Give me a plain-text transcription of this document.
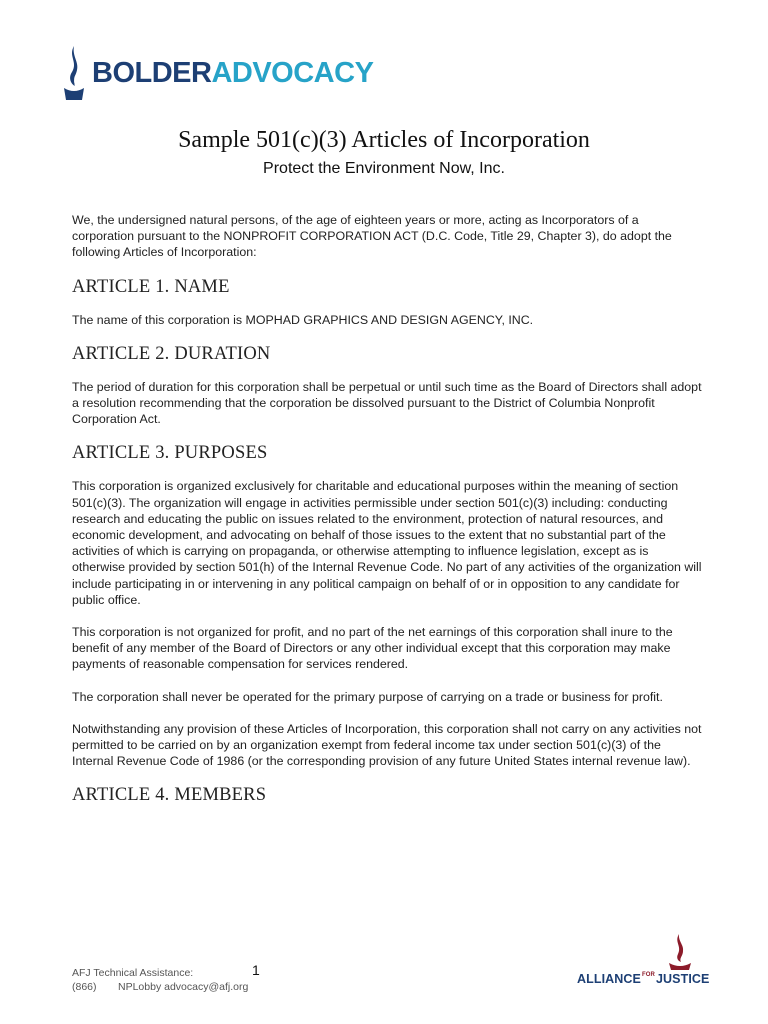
BOLDERADVOCACY
Sample 501(c)(3) Articles of Incorporation
Protect the Environment Now, Inc.

We, the undersigned natural persons, of the age of eighteen years or more, acting as Incorporators of a corporation pursuant to the NONPROFIT CORPORATION ACT (D.C. Code, Title 29, Chapter 3), do adopt the following Articles of Incorporation:

ARTICLE 1. NAME

The name of this corporation is MOPHAD GRAPHICS AND DESIGN AGENCY, INC.

ARTICLE 2. DURATION

The period of duration for this corporation shall be perpetual or until such time as the Board of Directors shall adopt a resolution recommending that the corporation be dissolved pursuant to the District of Columbia Nonprofit Corporation Act.

ARTICLE 3. PURPOSES

This corporation is organized exclusively for charitable and educational purposes within the meaning of section 501(c)(3). The organization will engage in activities permissible under section 501(c)(3) including: conducting research and educating the public on issues related to the environment, protection of natural resources, and economic development, and advocating on behalf of those issues to the extent that no substantial part of the activities of which is carrying on propaganda, or otherwise attempting to influence legislation, except as is otherwise provided by section 501(h) of the Internal Revenue Code. No part of any activities of the organization will include participating in or intervening in any political campaign on behalf of or in opposition to any candidate for public office.

This corporation is not organized for profit, and no part of the net earnings of this corporation shall inure to the benefit of any member of the Board of Directors or any other individual except that this corporation may make payments of reasonable compensation for services rendered.

The corporation shall never be operated for the primary purpose of carrying on a trade or business for profit.

Notwithstanding any provision of these Articles of Incorporation, this corporation shall not carry on any activities not permitted to be carried on by an organization exempt from federal income tax under section 501(c)(3) of the Internal Revenue Code of 1986 (or the corresponding provision of any future United States internal revenue law).

ARTICLE 4. MEMBERS
AFJ Technical Assistance:	1
(866)	NPLobby advocacy@afj.org
$ALLIANCE^{FOR}JUSTICE$
